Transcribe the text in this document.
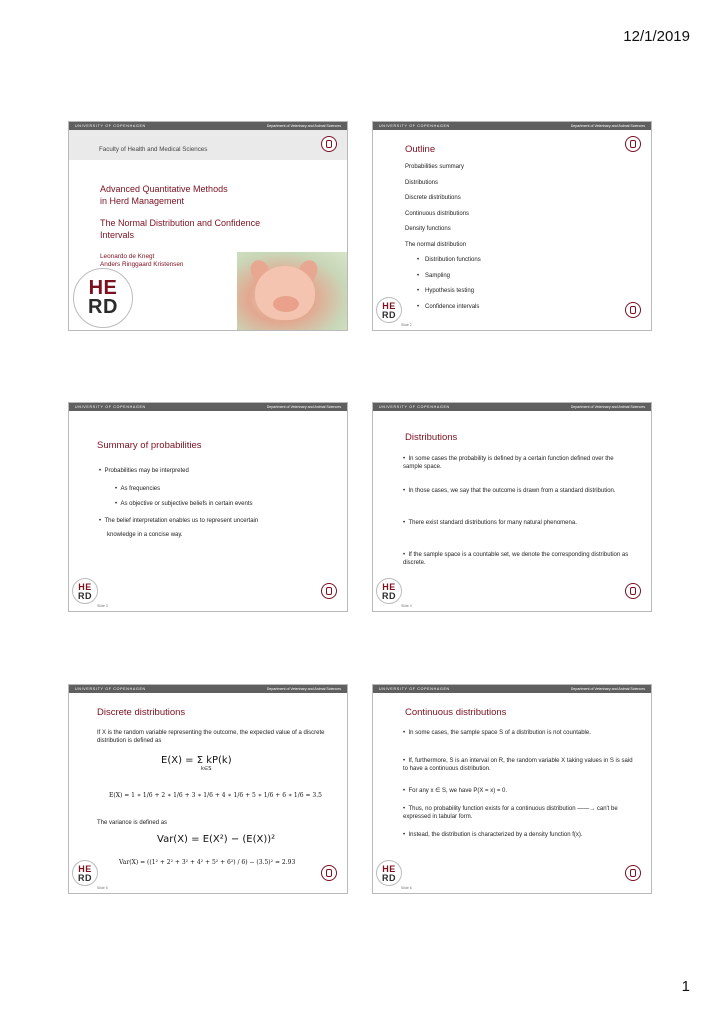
12/1/2019
UNIVERSITY OF COPENHAGEN	Department of Veterinary and Animal Sciences
Faculty of Health and Medical Sciences
Advanced Quantitative Methods
in Herd Management
The Normal Distribution and Confidence
Intervals
Leonardo de Knegt
Anders Ringgaard Kristensen
HE
RD
UNIVERSITY OF COPENHAGEN	Department of Veterinary and Animal Sciences
Outline
Probabilities summary
Distributions
Discrete distributions
Continuous distributions
Density functions
The normal distribution
• Distribution functions
• Sampling
• Hypothesis testing
• Confidence intervals
HE
RD
Slide 2
UNIVERSITY OF COPENHAGEN	Department of Veterinary and Animal Sciences
Summary of probabilities
•  Probabilities may be interpreted
•  As frequencies
•  As objective or subjective beliefs in certain events
•  The belief interpretation enables us to represent uncertain
knowledge in a concise way.
HE
RD
Slide 3
UNIVERSITY OF COPENHAGEN	Department of Veterinary and Animal Sciences
Distributions
•  In some cases the probability is defined by a certain function defined over the sample space.
•  In those cases, we say that the outcome is drawn from a standard distribution.
•  There exist standard distributions for many natural phenomena.
•  If the sample space is a countable set, we denote the corresponding distribution as discrete.
HE
RD
Slide 4
UNIVERSITY OF COPENHAGEN	Department of Veterinary and Animal Sciences
Discrete distributions
If X is the random variable representing the outcome, the expected value of a discrete distribution is defined as
E(X) = Σ kP(k)
k∈S
E(X) = 1 ∗ 1/6 + 2 ∗ 1/6 + 3 ∗ 1/6 + 4 ∗ 1/6 + 5 ∗ 1/6 + 6 ∗ 1/6 = 3.5
The variance is defined as
Var(X) = E(X²) − (E(X))²
Var(X) = ((1² + 2² + 3² + 4² + 5² + 6²) / 6) − (3.5)² = 2.93
HE
RD
Slide 5
UNIVERSITY OF COPENHAGEN	Department of Veterinary and Animal Sciences
Continuous distributions
•  In some cases, the sample space S of a distribution is not countable.
•  If, furthermore, S is an interval on R, the random variable X taking values in S is said to have a continuous distribution.
•  For any x ∈ S, we have P(X = x) = 0.
•  Thus, no probability function exists for a continuous distribution ——→ can't be expressed in tabular form.
•  Instead, the distribution is characterized by a density function f(x).
HE
RD
Slide 6
1
